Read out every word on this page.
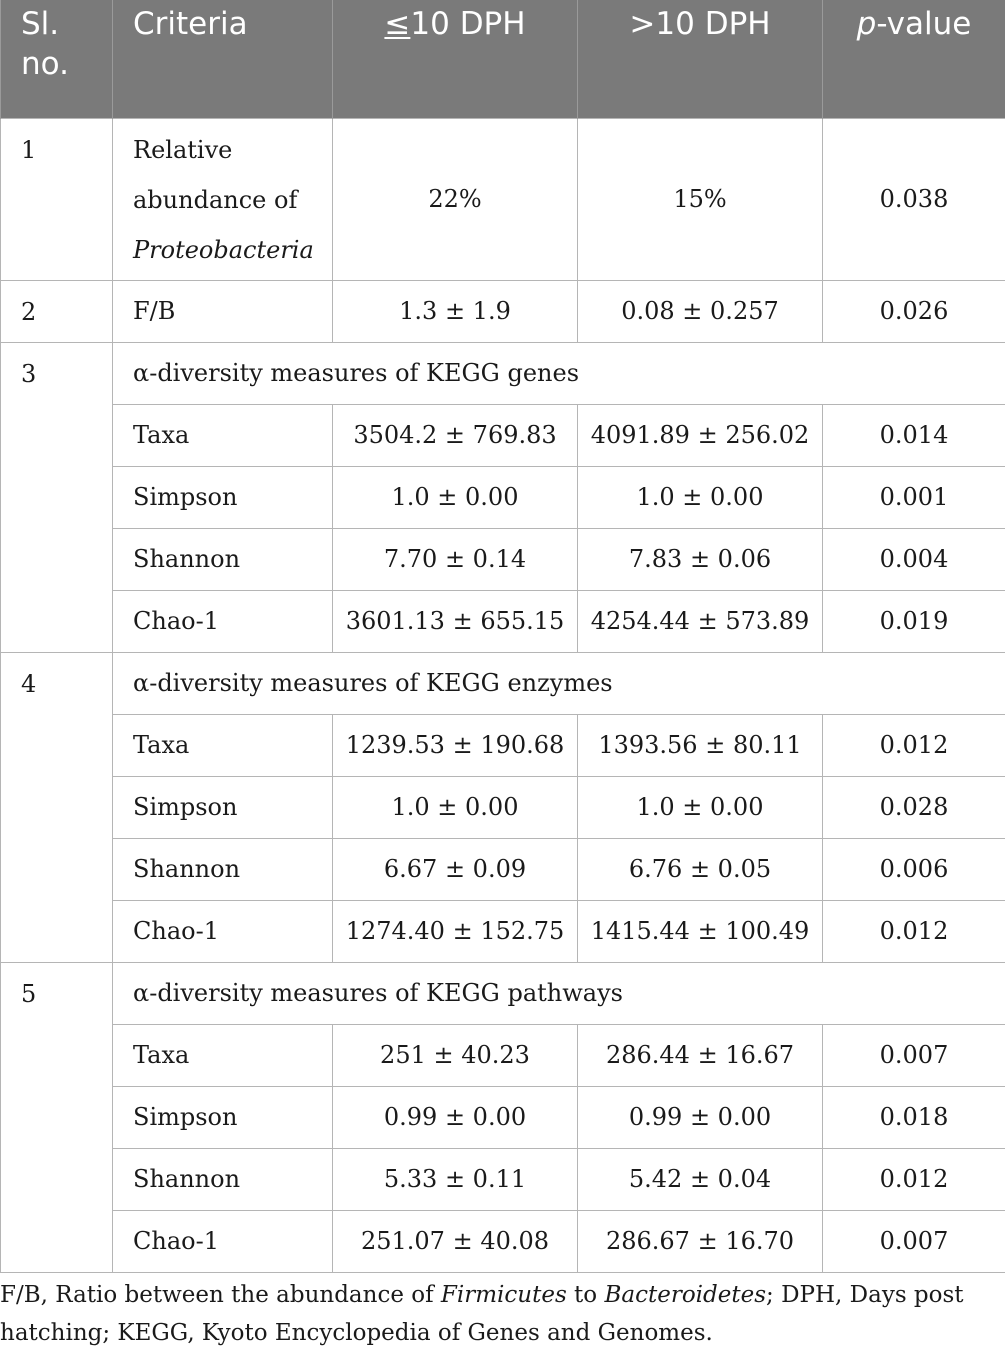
Sl. no.	Criteria	≤10 DPH	>10 DPH	p-value
1	Relative
abundance of
Proteobacteria	22%	15%	0.038
2	F/B	1.3 ± 1.9	0.08 ± 0.257	0.026
3	α-diversity measures of KEGG genes			
	Taxa	3504.2 ± 769.83	4091.89 ± 256.02	0.014
	Simpson	1.0 ± 0.00	1.0 ± 0.00	0.001
	Shannon	7.70 ± 0.14	7.83 ± 0.06	0.004
	Chao-1	3601.13 ± 655.15	4254.44 ± 573.89	0.019
4	α-diversity measures of KEGG enzymes			
	Taxa	1239.53 ± 190.68	1393.56 ± 80.11	0.012
	Simpson	1.0 ± 0.00	1.0 ± 0.00	0.028
	Shannon	6.67 ± 0.09	6.76 ± 0.05	0.006
	Chao-1	1274.40 ± 152.75	1415.44 ± 100.49	0.012
5	α-diversity measures of KEGG pathways			
	Taxa	251 ± 40.23	286.44 ± 16.67	0.007
	Simpson	0.99 ± 0.00	0.99 ± 0.00	0.018
	Shannon	5.33 ± 0.11	5.42 ± 0.04	0.012
	Chao-1	251.07 ± 40.08	286.67 ± 16.70	0.007
F/B, Ratio between the abundance of Firmicutes to Bacteroidetes; DPH, Days post hatching; KEGG, Kyoto Encyclopedia of Genes and Genomes.
